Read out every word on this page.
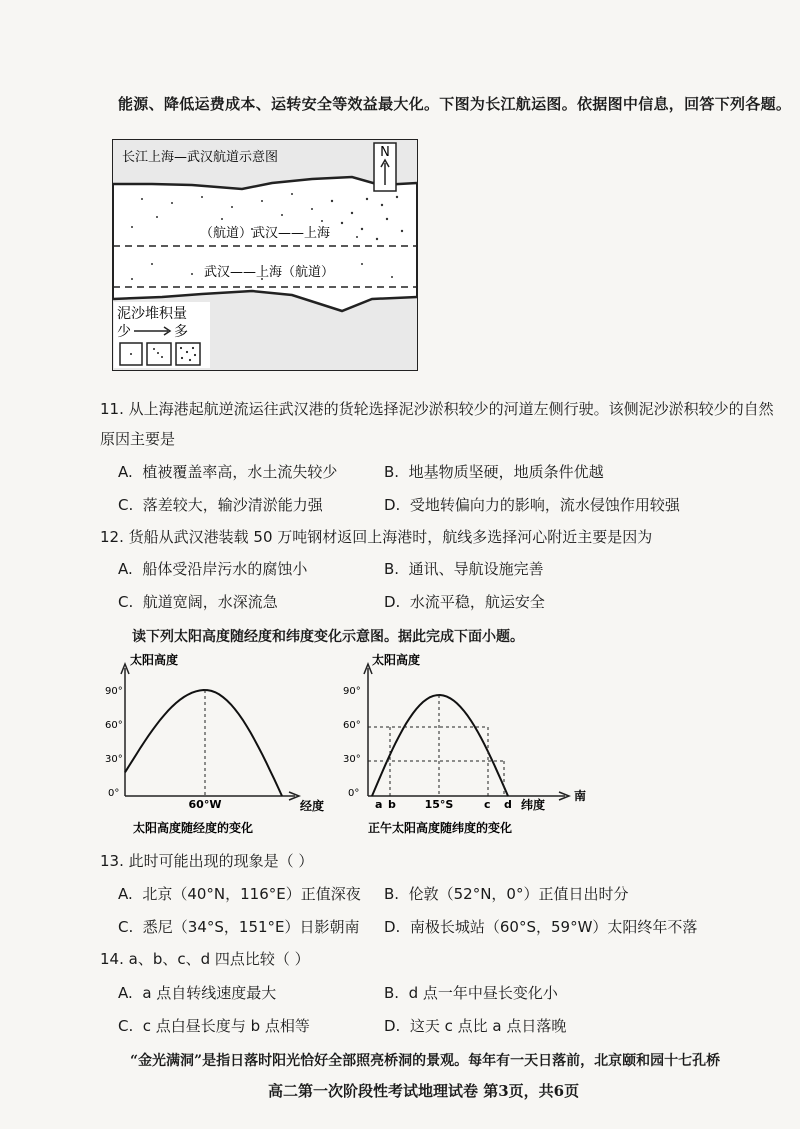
能源、降低运费成本、运转安全等效益最大化。下图为长江航运图。依据图中信息，回答下列各题。
N
长江上海—武汉航道示意图
（航道）武汉——上海
武汉——上海（航道）
泥沙堆积量
少	多
11. 从上海港起航逆流运往武汉港的货轮选择泥沙淤积较少的河道左侧行驶。该侧泥沙淤积较少的自然
原因主要是
A. 植被覆盖率高，水土流失较少	B. 地基物质坚硬，地质条件优越
C. 落差较大，输沙清淤能力强	D. 受地转偏向力的影响，流水侵蚀作用较强
12. 货船从武汉港装载 50 万吨钢材返回上海港时，航线多选择河心附近主要是因为
A. 船体受沿岸污水的腐蚀小	B. 通讯、导航设施完善
C. 航道宽阔，水深流急	D. 水流平稳，航运安全
读下列太阳高度随经度和纬度变化示意图。据此完成下面小题。
太阳高度
经度
90°
60°
30°
0°
60°W
太阳高度随经度的变化
太阳高度
纬度
南
90°
60°
30°
0°
a b	15°S	c d
正午太阳高度随纬度的变化
13. 此时可能出现的现象是（ ）
A. 北京（40°N，116°E）正值深夜 B. 伦敦（52°N，0°）正值日出时分
C. 悉尼（34°S，151°E）日影朝南 D. 南极长城站（60°S，59°W）太阳终年不落
14. a、b、c、d 四点比较（ ）
A. a 点自转线速度最大	B. d 点一年中昼长变化小
C. c 点白昼长度与 b 点相等	D. 这天 c 点比 a 点日落晚
“金光满洞”是指日落时阳光恰好全部照亮桥洞的景观。每年有一天日落前，北京颐和园十七孔桥
高二第一次阶段性考试地理试卷 第3页，共6页
